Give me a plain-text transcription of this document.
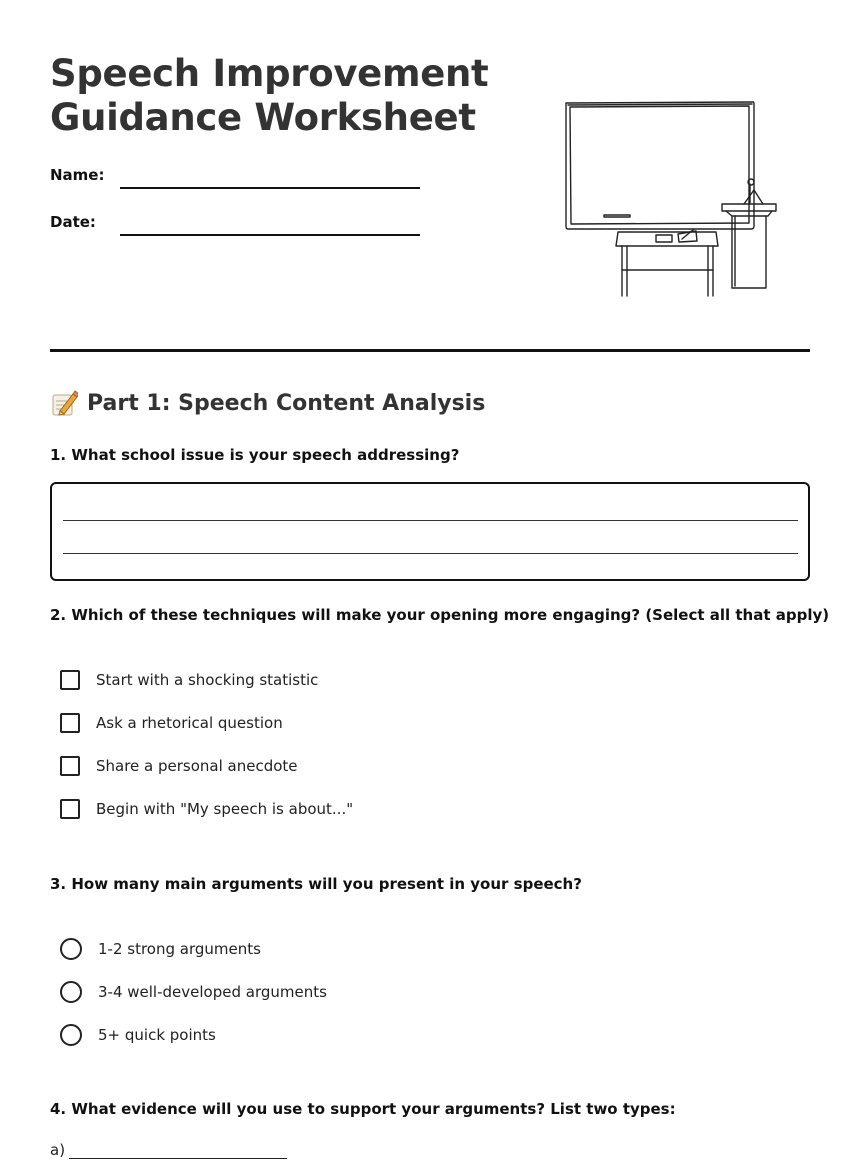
Speech Improvement
Guidance Worksheet
Name:
Date:
Part 1: Speech Content Analysis

1. What school issue is your speech addressing?

2. Which of these techniques will make your opening more engaging? (Select all that apply)

Start with a shocking statistic
Ask a rhetorical question
Share a personal anecdote
Begin with "My speech is about..."

3. How many main arguments will you present in your speech?

1-2 strong arguments
3-4 well-developed arguments
5+ quick points

4. What evidence will you use to support your arguments? List two types:

a)
